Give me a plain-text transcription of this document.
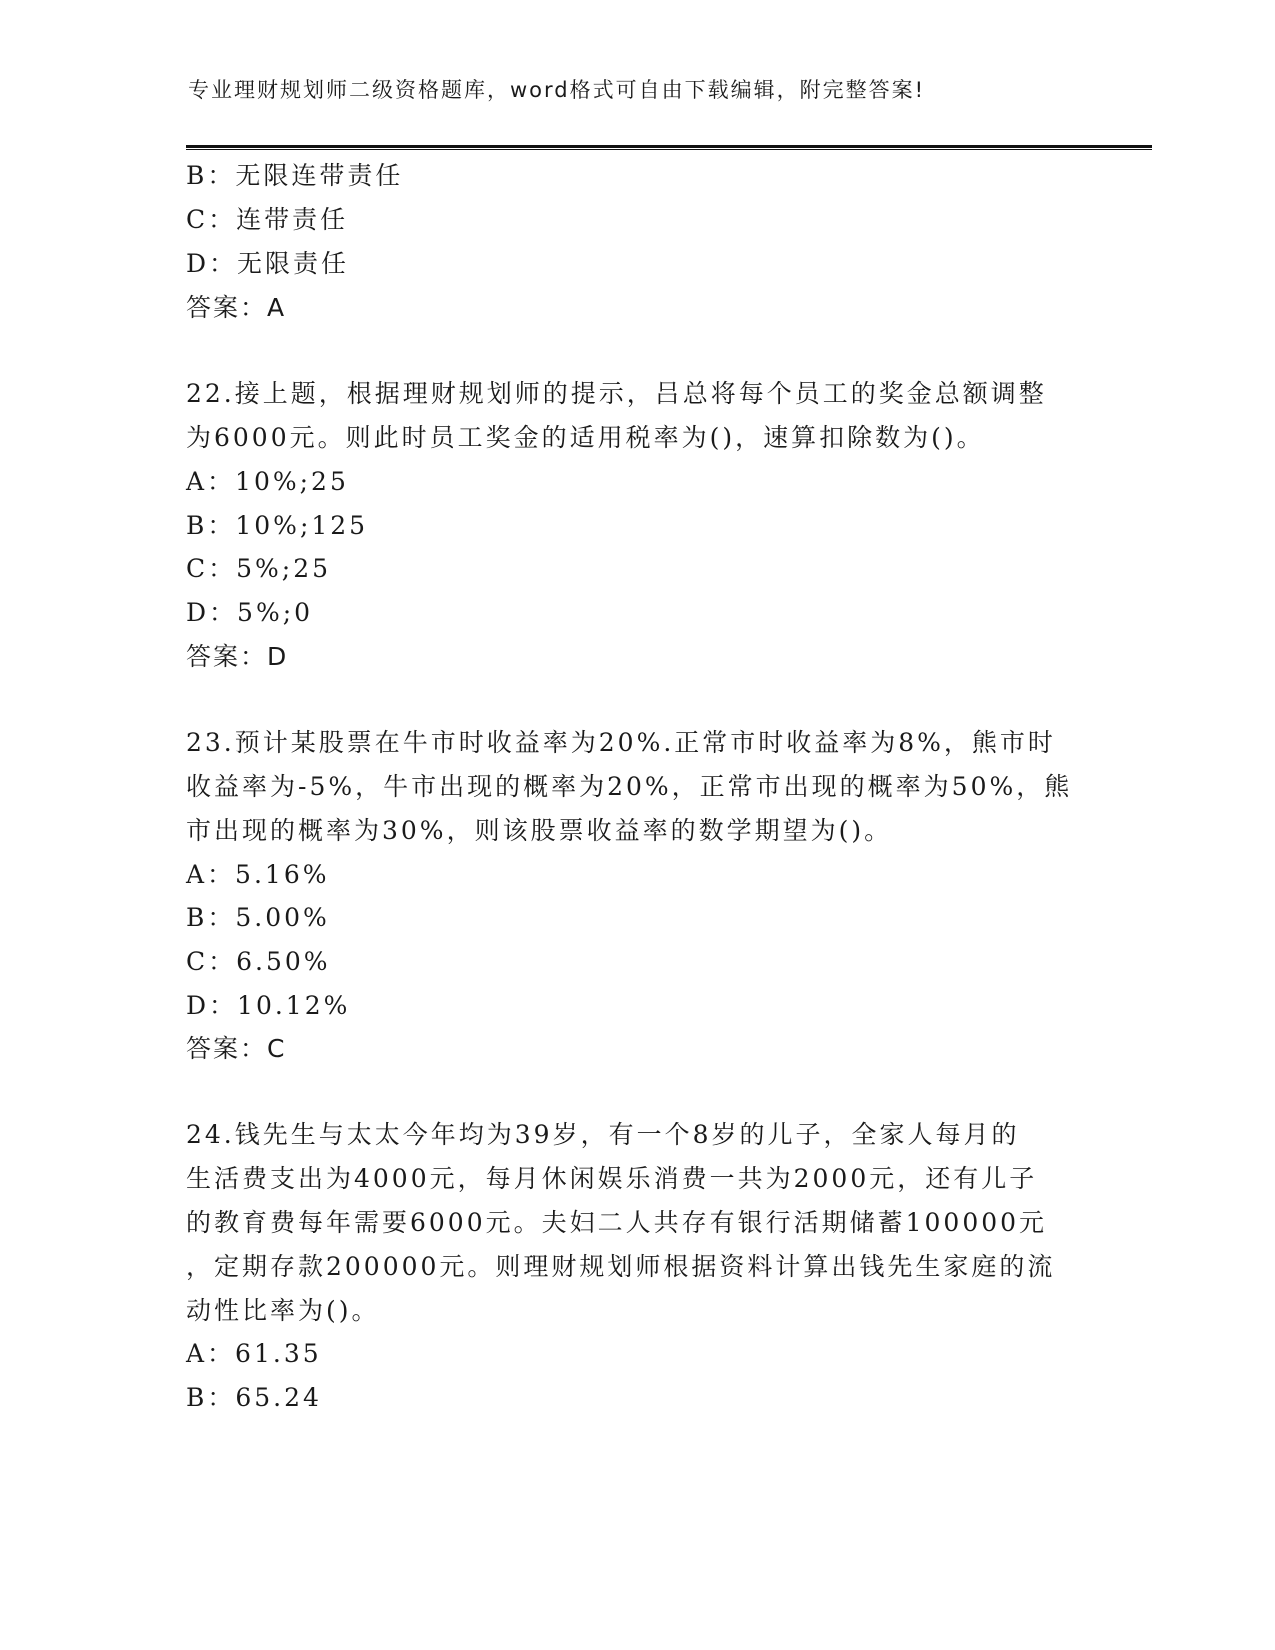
专业理财规划师二级资格题库，word格式可自由下载编辑，附完整答案!
B：无限连带责任
C：连带责任
D：无限责任
答案：A
22.接上题，根据理财规划师的提示，吕总将每个员工的奖金总额调整
为6000元。则此时员工奖金的适用税率为()，速算扣除数为()。
A：10%;25
B：10%;125
C：5%;25
D：5%;0
答案：D
23.预计某股票在牛市时收益率为20%.正常市时收益率为8%，熊市时
收益率为-5%，牛市出现的概率为20%，正常市出现的概率为50%，熊
市出现的概率为30%，则该股票收益率的数学期望为()。
A：5.16%
B：5.00%
C：6.50%
D：10.12%
答案：C
24.钱先生与太太今年均为39岁，有一个8岁的儿子，全家人每月的
生活费支出为4000元，每月休闲娱乐消费一共为2000元，还有儿子
的教育费每年需要6000元。夫妇二人共存有银行活期储蓄100000元
，定期存款200000元。则理财规划师根据资料计算出钱先生家庭的流
动性比率为()。
A：61.35
B：65.24
